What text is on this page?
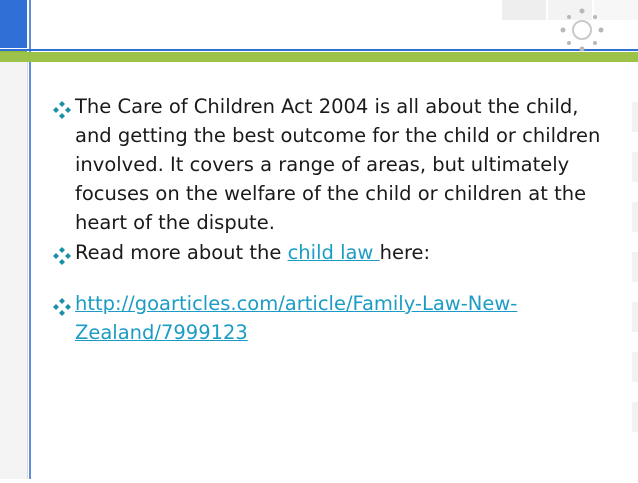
The Care of Children Act 2004 is all about the child, and getting the best outcome for the child or children involved. It covers a range of areas, but ultimately focuses on the welfare of the child or children at the heart of the dispute.

Read more about the child law here:

http://goarticles.com/article/Family-Law-New-Zealand/7999123
